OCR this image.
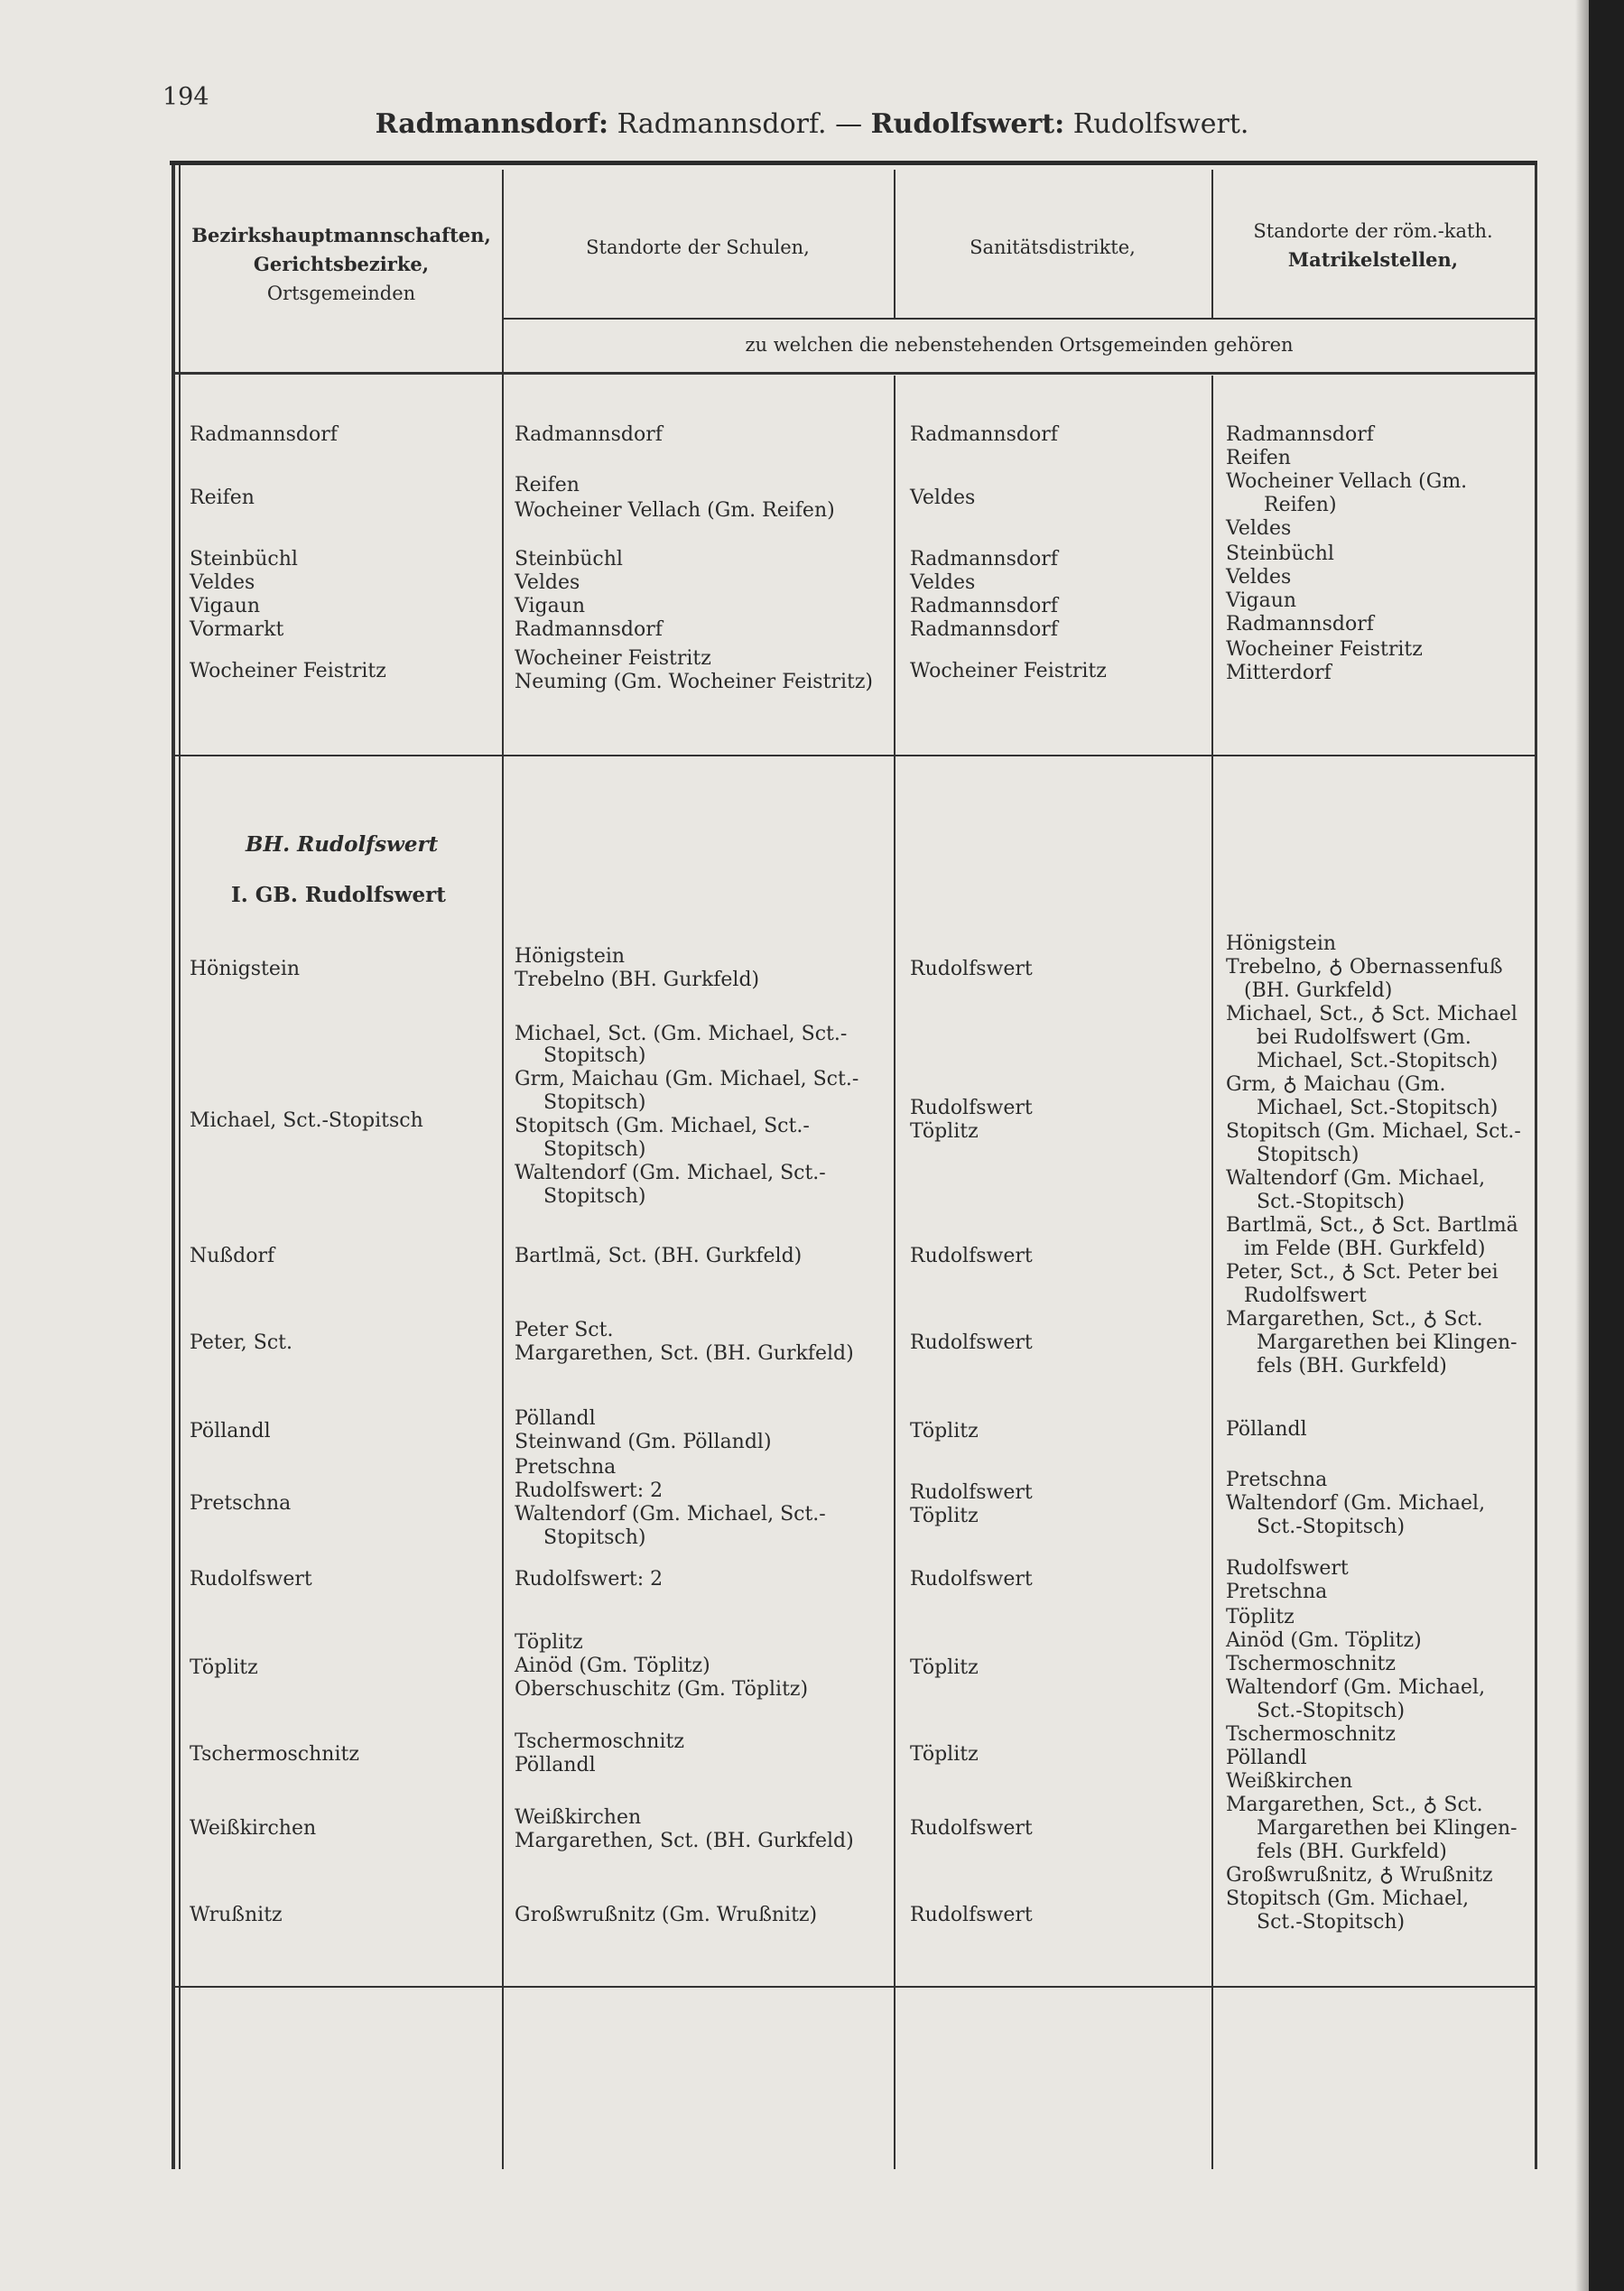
194
Radmannsdorf: Radmannsdorf. — Rudolfswert: Rudolfswert.
Bezirkshauptmannschaften,
Gerichtsbezirke,
Ortsgemeinden
Standorte der Schulen,	Sanitätsdistrikte,
Standorte der röm.-kath.
Matrikelstellen,
zu welchen die nebenstehenden Ortsgemeinden gehören
Radmannsdorf
Reifen
Steinbüchl
Veldes
Vigaun
Vormarkt
Wocheiner Feistritz
Radmannsdorf
Reifen
Wocheiner Vellach (Gm. Reifen)
Steinbüchl
Veldes
Vigaun
Radmannsdorf
Wocheiner Feistritz
Neuming (Gm. Wocheiner Feistritz)
Radmannsdorf
Veldes
Radmannsdorf
Veldes
Radmannsdorf
Radmannsdorf
Wocheiner Feistritz
Radmannsdorf
Reifen
Wocheiner Vellach (Gm.
Reifen)
Veldes
Steinbüchl
Veldes
Vigaun
Radmannsdorf
Wocheiner Feistritz
Mitterdorf
BH. Rudolfswert
I. GB. Rudolfswert
Hönigstein
Michael, Sct.-Stopitsch
Nußdorf
Peter, Sct.
Pöllandl
Pretschna
Rudolfswert
Töplitz
Tschermoschnitz
Weißkirchen
Wrußnitz
Hönigstein
Trebelno (BH. Gurkfeld)
Michael, Sct. (Gm. Michael, Sct.-
Stopitsch)
Grm, Maichau (Gm. Michael, Sct.-
Stopitsch)
Stopitsch (Gm. Michael, Sct.-
Stopitsch)
Waltendorf (Gm. Michael, Sct.-
Stopitsch)
Bartlmä, Sct. (BH. Gurkfeld)
Peter Sct.
Margarethen, Sct. (BH. Gurkfeld)
Pöllandl
Steinwand (Gm. Pöllandl)
Pretschna
Rudolfswert: 2
Waltendorf (Gm. Michael, Sct.-
Stopitsch)
Rudolfswert: 2
Töplitz
Ainöd (Gm. Töplitz)
Oberschuschitz (Gm. Töplitz)
Tschermoschnitz
Pöllandl
Weißkirchen
Margarethen, Sct. (BH. Gurkfeld)
Großwrußnitz (Gm. Wrußnitz)
Rudolfswert
Rudolfswert
Töplitz
Rudolfswert
Rudolfswert
Töplitz
Rudolfswert
Töplitz
Rudolfswert
Töplitz
Töplitz
Rudolfswert
Rudolfswert
Hönigstein
Trebelno, ♁ Obernassenfuß
(BH. Gurkfeld)
Michael, Sct., ♁ Sct. Michael
bei Rudolfswert (Gm.
Michael, Sct.-Stopitsch)
Grm, ♁ Maichau (Gm.
Michael, Sct.-Stopitsch)
Stopitsch (Gm. Michael, Sct.-
Stopitsch)
Waltendorf (Gm. Michael,
Sct.-Stopitsch)
Bartlmä, Sct., ♁ Sct. Bartlmä
im Felde (BH. Gurkfeld)
Peter, Sct., ♁ Sct. Peter bei
Rudolfswert
Margarethen, Sct., ♁ Sct.
Margarethen bei Klingen-
fels (BH. Gurkfeld)
Pöllandl
Pretschna
Waltendorf (Gm. Michael,
Sct.-Stopitsch)
Rudolfswert
Pretschna
Töplitz
Ainöd (Gm. Töplitz)
Tschermoschnitz
Waltendorf (Gm. Michael,
Sct.-Stopitsch)
Tschermoschnitz
Pöllandl
Weißkirchen
Margarethen, Sct., ♁ Sct.
Margarethen bei Klingen-
fels (BH. Gurkfeld)
Großwrußnitz, ♁ Wrußnitz
Stopitsch (Gm. Michael,
Sct.-Stopitsch)
